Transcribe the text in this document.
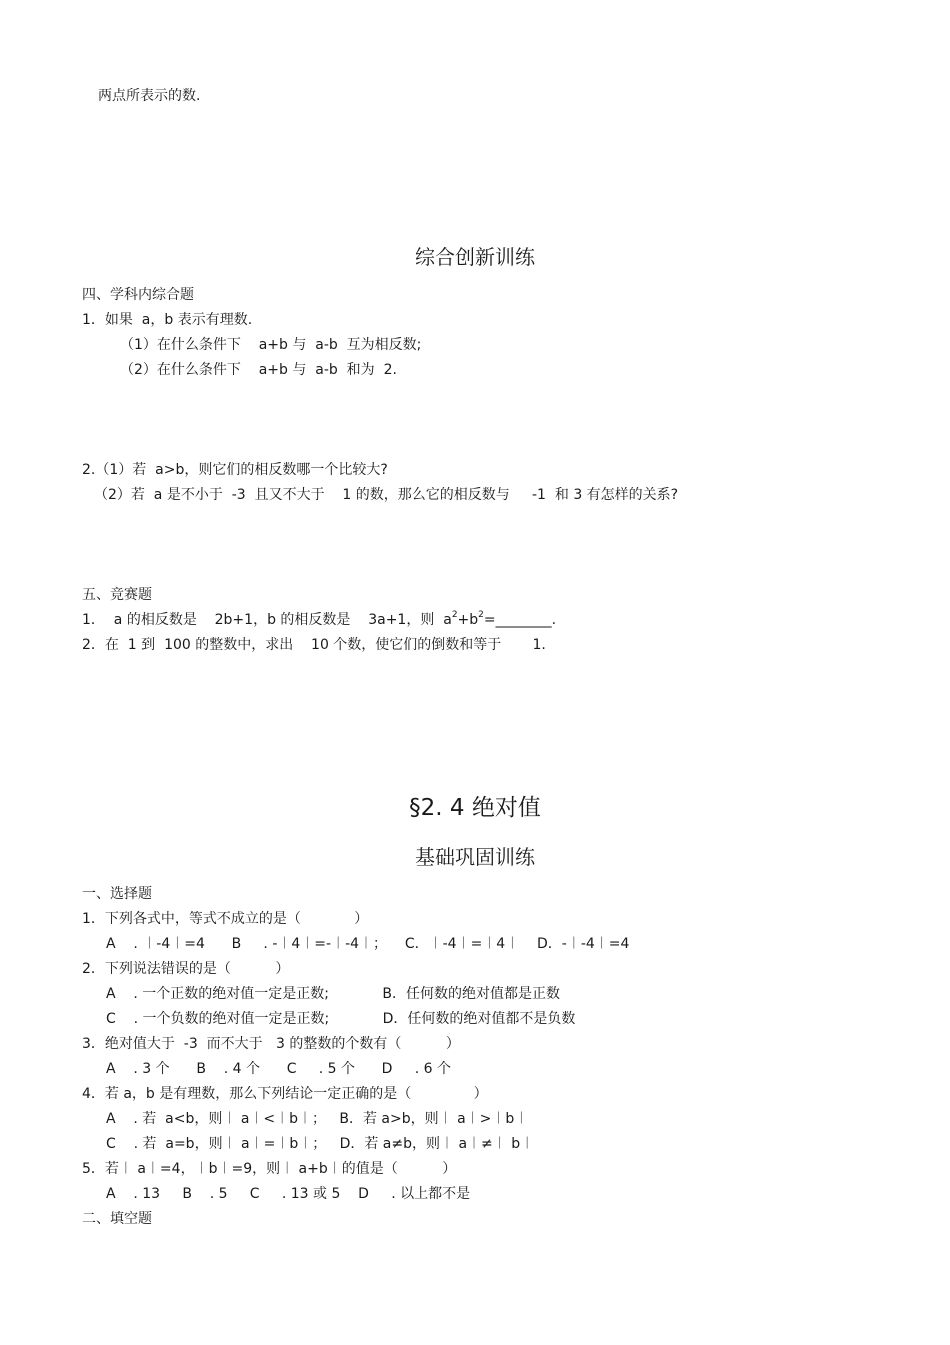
两点所表示的数.
综合创新训练
四、学科内综合题
1．如果  a，b 表示有理数.
（1）在什么条件下    a+b 与  a-b  互为相反数;
（2）在什么条件下    a+b 与  a-b  和为  2.
2.（1）若  a>b，则它们的相反数哪一个比较大?
（2）若  a 是不小于  -3  且又不大于    1 的数，那么它的相反数与     -1  和 3 有怎样的关系?
五、竞赛题
1．  a 的相反数是    2b+1，b 的相反数是    3a+1，则  $a^2+b^2=\_\_\_\_\_\_\_\_$.
2．在  1 到  100 的整数中，求出    10 个数，使它们的倒数和等于       1.
§2. 4 绝对值
基础巩固训练
一、选择题
1．下列各式中，等式不成立的是（            ）
A    . ︱-4︱=4      B     . -︱4︱=-︱-4︱；    C．︱-4︱=︱4︱    D．-︱-4︱=4
2．下列说法错误的是（          ）
A    . 一个正数的绝对值一定是正数;            B．任何数的绝对值都是正数
C    . 一个负数的绝对值一定是正数;            D．任何数的绝对值都不是负数
3．绝对值大于  -3  而不大于   3 的整数的个数有（          ）
A    . 3 个      B    . 4 个      C     . 5 个      D     . 6 个
4．若 a，b 是有理数，那么下列结论一定正确的是（              ）
A    . 若  a<b，则︱ a︱<︱b︱；   B．若 a>b，则︱ a︱>︱b︱
C    . 若  a=b，则︱ a︱=︱b︱；   D．若 a≠b，则︱ a︱≠︱ b︱
5．若︱ a︱=4，︱b︱=9，则︱ a+b︱的值是（          ）
A    . 13     B    . 5     C     . 13 或 5    D     . 以上都不是
二、填空题
